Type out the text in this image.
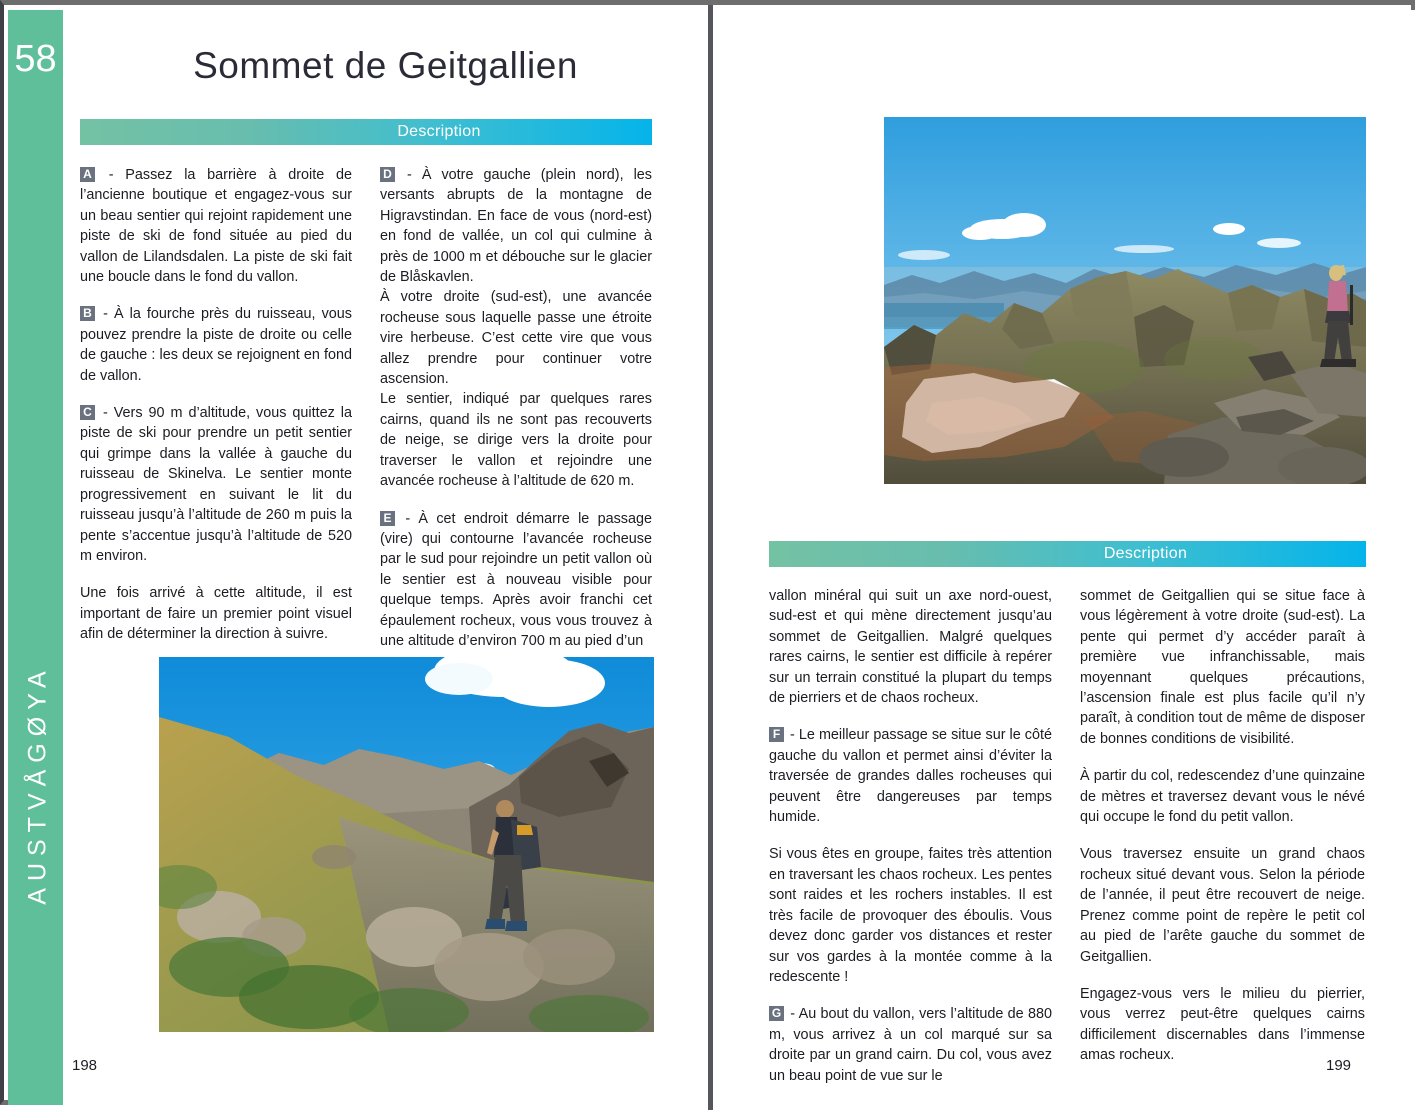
58
AUSTVÅGØYA
Sommet de Geitgallien
Description

A - Passez la barrière à droite de l’ancienne boutique et engagez-vous sur un beau sentier qui rejoint rapidement une piste de ski de fond située au pied du vallon de Lilandsdalen. La piste de ski fait une boucle dans le fond du vallon.

B - À la fourche près du ruisseau, vous pouvez prendre la piste de droite ou celle de gauche : les deux se rejoignent en fond de vallon.

C - Vers 90 m d’altitude, vous quittez la piste de ski pour prendre un petit sentier qui grimpe dans la vallée à gauche du ruisseau de Skinelva. Le sentier monte progressivement en suivant le lit du ruisseau jusqu’à l’altitude de 260 m puis la pente s’accentue jusqu’à l’altitude de 520 m environ.

Une fois arrivé à cette altitude, il est important de faire un premier point visuel afin de déterminer la direction à suivre.

D - À votre gauche (plein nord), les versants abrupts de la montagne de Higravstindan. En face de vous (nord-est) en fond de vallée, un col qui culmine à près de 1000 m et débouche sur le glacier de Blåskavlen.

À votre droite (sud-est), une avancée rocheuse sous laquelle passe une étroite vire herbeuse. C’est cette vire que vous allez prendre pour continuer votre ascension.

Le sentier, indiqué par quelques rares cairns, quand ils ne sont pas recouverts de neige, se dirige vers la droite pour traverser le vallon et rejoindre une avancée rocheuse à l’altitude de 620 m.

E - À cet endroit démarre le passage (vire) qui contourne l’avancée rocheuse par le sud pour rejoindre un petit vallon où le sentier est à nouveau visible pour quelque temps. Après avoir franchi cet épaulement rocheux, vous vous trouvez à une altitude d’environ 700 m au pied d’un

198
Description

vallon minéral qui suit un axe nord-ouest, sud-est et qui mène directement jusqu’au sommet de Geitgallien. Malgré quelques rares cairns, le sentier est difficile à repérer sur un terrain constitué la plupart du temps de pierriers et de chaos rocheux.

F - Le meilleur passage se situe sur le côté gauche du vallon et permet ainsi d’éviter la traversée de grandes dalles rocheuses qui peuvent être dangereuses par temps humide.

Si vous êtes en groupe, faites très attention en traversant les chaos rocheux. Les pentes sont raides et les rochers instables. Il est très facile de provoquer des éboulis. Vous devez donc garder vos distances et rester sur vos gardes à la montée comme à la redescente !

G - Au bout du vallon, vers l’altitude de 880 m, vous arrivez à un col marqué sur sa droite par un grand cairn. Du col, vous avez un beau point de vue sur le

sommet de Geitgallien qui se situe face à vous légèrement à votre droite (sud-est). La pente qui permet d’y accéder paraît à première vue infranchissable, mais moyennant quelques précautions, l’ascension finale est plus facile qu’il n’y paraît, à condition tout de même de disposer de bonnes conditions de visibilité.

À partir du col, redescendez d’une quinzaine de mètres et traversez devant vous le névé qui occupe le fond du petit vallon.

Vous traversez ensuite un grand chaos rocheux situé devant vous. Selon la période de l’année, il peut être recouvert de neige. Prenez comme point de repère le petit col au pied de l’arête gauche du sommet de Geitgallien.

Engagez-vous vers le milieu du pierrier, vous verrez peut-être quelques cairns difficilement discernables dans l’immense amas rocheux.

199
